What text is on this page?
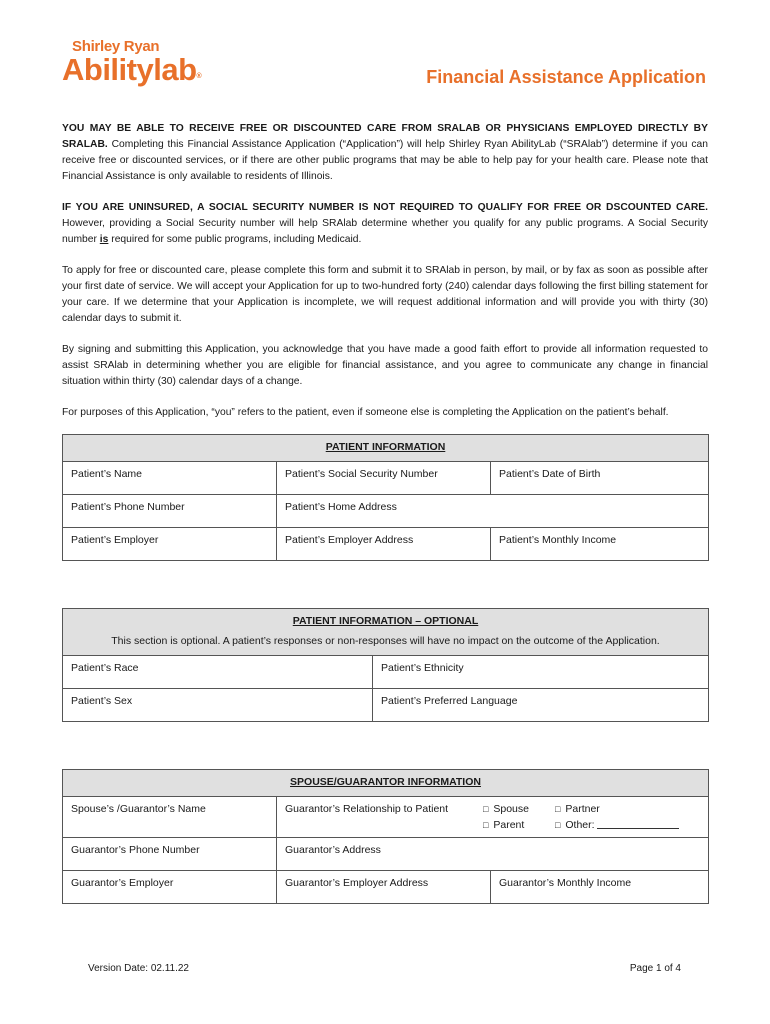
Shirley Ryan
Abilitylab®	Financial Assistance Application

YOU MAY BE ABLE TO RECEIVE FREE OR DISCOUNTED CARE FROM SRALAB OR PHYSICIANS EMPLOYED DIRECTLY BY SRALAB. Completing this Financial Assistance Application (“Application”) will help Shirley Ryan AbilityLab (“SRAlab”) determine if you can receive free or discounted services, or if there are other public programs that may be able to help pay for your health care. Please note that Financial Assistance is only available to residents of Illinois.

IF YOU ARE UNINSURED, A SOCIAL SECURITY NUMBER IS NOT REQUIRED TO QUALIFY FOR FREE OR DSCOUNTED CARE. However, providing a Social Security number will help SRAlab determine whether you qualify for any public programs. A Social Security number is required for some public programs, including Medicaid.

To apply for free or discounted care, please complete this form and submit it to SRAlab in person, by mail, or by fax as soon as possible after your first date of service. We will accept your Application for up to two-hundred forty (240) calendar days following the first billing statement for your care. If we determine that your Application is incomplete, we will request additional information and will provide you with thirty (30) calendar days to submit it.

By signing and submitting this Application, you acknowledge that you have made a good faith effort to provide all information requested to assist SRAlab in determining whether you are eligible for financial assistance, and you agree to communicate any change in financial situation within thirty (30) calendar days of a change.

For purposes of this Application, “you” refers to the patient, even if someone else is completing the Application on the patient’s behalf.

PATIENT INFORMATION		

Patient’s Name	Patient’s Social Security Number	Patient’s Date of Birth
Patient’s Phone Number	Patient’s Home Address	
Patient’s Employer	Patient’s Employer Address	Patient’s Monthly Income
PATIENT INFORMATION – OPTIONAL
This section is optional. A patient’s responses or non-responses will have no impact on the outcome of the Application.	

Patient’s Race	Patient’s Ethnicity
Patient’s Sex	Patient’s Preferred Language
SPOUSE/GUARANTOR INFORMATION		

Spouse’s /Guarantor’s Name	Guarantor’s Relationship to Patient □ Spouse
□ Parent
□ Partner
□ Other:	

Guarantor’s Phone Number	Guarantor’s Address	
Guarantor’s Employer	Guarantor’s Employer Address	Guarantor’s Monthly Income
Version Date: 02.11.22	Page 1 of 4
